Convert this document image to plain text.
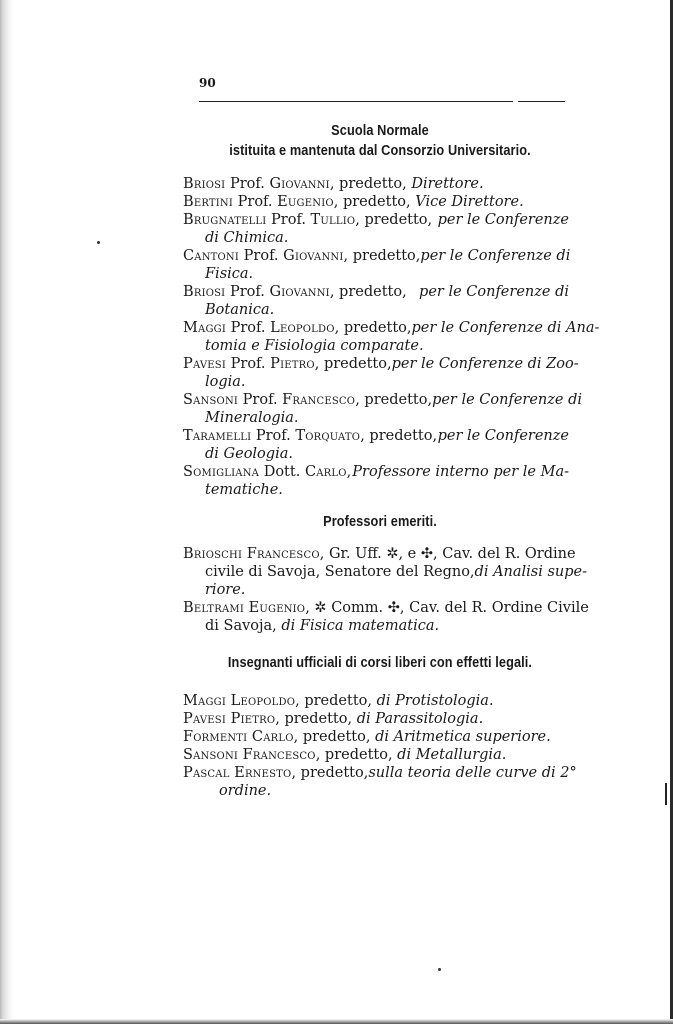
90
Scuola Normale
istituita e mantenuta dal Consorzio Universitario.
Briosi Prof. Giovanni, predetto, Direttore.
Bertini Prof. Eugenio, predetto, Vice Direttore.
Brugnatelli Prof. Tullio, predetto, per le Conferenze
di Chimica.
Cantoni Prof. Giovanni, predetto, per le Conferenze di
Fisica.
Briosi Prof. Giovanni, predetto, per le Conferenze di
Botanica.
Maggi Prof. Leopoldo, predetto, per le Conferenze di Ana-
tomia e Fisiologia comparate.
Pavesi Prof. Pietro, predetto, per le Conferenze di Zoo-
logia.
Sansoni Prof. Francesco, predetto, per le Conferenze di
Mineralogia.
Taramelli Prof. Torquato, predetto, per le Conferenze
di Geologia.
Somigliana Dott. Carlo, Professore interno per le Ma-
tematiche.
Professori emeriti.
Brioschi Francesco , Gr. Uff. ✲, e ✣, Cav. del R. Ordine
civile di Savoja, Senatore del Regno, di Analisi supe-
riore.
Beltrami Eugenio , ✲ Comm. ✣, Cav. del R. Ordine Civile
di Savoja, di Fisica matematica.
Insegnanti ufficiali di corsi liberi con effetti legali.
Maggi Leopoldo, predetto, di Protistologia.
Pavesi Pietro, predetto, di Parassitologia.
Formenti Carlo, predetto, di Aritmetica superiore.
Sansoni Francesco, predetto, di Metallurgia.
Pascal Ernesto, predetto, sulla teoria delle curve di 2°
ordine.
